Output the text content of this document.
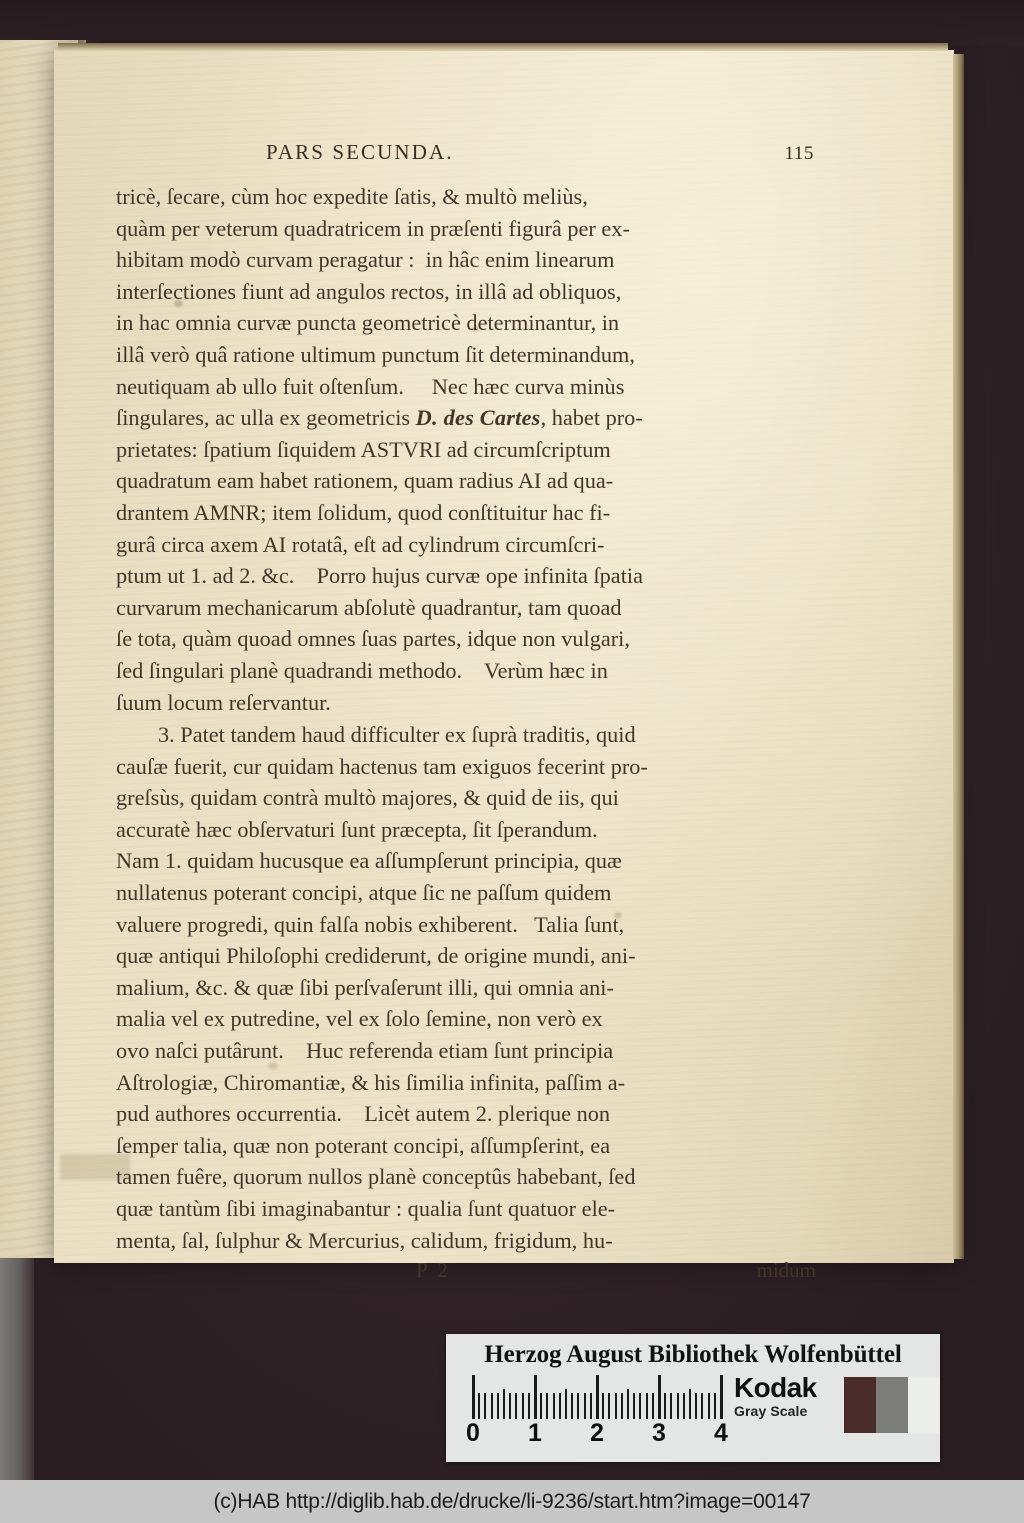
PARS SECUNDA.	115

tricè, ſecare, cùm hoc expedite ſatis, & multò meliùs,
quàm per veterum quadratricem in præſenti figurâ per ex-
hibitam modò curvam peragatur :  in hâc enim linearum
interſectiones fiunt ad angulos rectos, in illâ ad obliquos,
in hac omnia curvæ puncta geometricè determinantur, in
illâ verò quâ ratione ultimum punctum ſit determinandum,
neutiquam ab ullo fuit oſtenſum.     Nec hæc curva minùs
ſingulares, ac ulla ex geometricis D. des Cartes, habet pro-
prietates: ſpatium ſiquidem ASTVRI ad circumſcriptum
quadratum eam habet rationem, quam radius AI ad qua-
drantem AMNR; item ſolidum, quod conſtituitur hac fi-
gurâ circa axem AI rotatâ, eſt ad cylindrum circumſcri-
ptum ut 1. ad 2. &c.    Porro hujus curvæ ope infinita ſpatia
curvarum mechanicarum abſolutè quadrantur, tam quoad
ſe tota, quàm quoad omnes ſuas partes, idque non vulgari,
ſed ſingulari planè quadrandi methodo.    Verùm hæc in
ſuum locum reſervantur.

3. Patet tandem haud difficulter ex ſuprà traditis, quid
cauſæ fuerit, cur quidam hactenus tam exiguos fecerint pro-
greſsùs, quidam contrà multò majores, & quid de iis, qui
accuratè hæc obſervaturi ſunt præcepta, ſit ſperandum.
Nam 1. quidam hucusque ea aſſumpſerunt principia, quæ
nullatenus poterant concipi, atque ſic ne paſſum quidem
valuere progredi, quin falſa nobis exhiberent.   Talia ſunt,
quæ antiqui Philoſophi crediderunt, de origine mundi, ani-
malium, &c. & quæ ſibi perſvaſerunt illi, qui omnia ani-
malia vel ex putredine, vel ex ſolo ſemine, non verò ex
ovo naſci putârunt.    Huc referenda etiam ſunt principia
Aſtrologiæ, Chiromantiæ, & his ſimilia infinita, paſſim a-
pud authores occurrentia.    Licèt autem 2. plerique non
ſemper talia, quæ non poterant concipi, aſſumpſerint, ea
tamen fuêre, quorum nullos planè conceptûs habebant, ſed
quæ tantùm ſibi imaginabantur : qualia ſunt quatuor ele-
menta, ſal, ſulphur & Mercurius, calidum, frigidum, hu-

P 2	midum
Herzog August Bibliothek Wolfenbüttel
0 1 2 3 4
Kodak
Gray Scale
(c)HAB http://diglib.hab.de/drucke/li-9236/start.htm?image=00147
